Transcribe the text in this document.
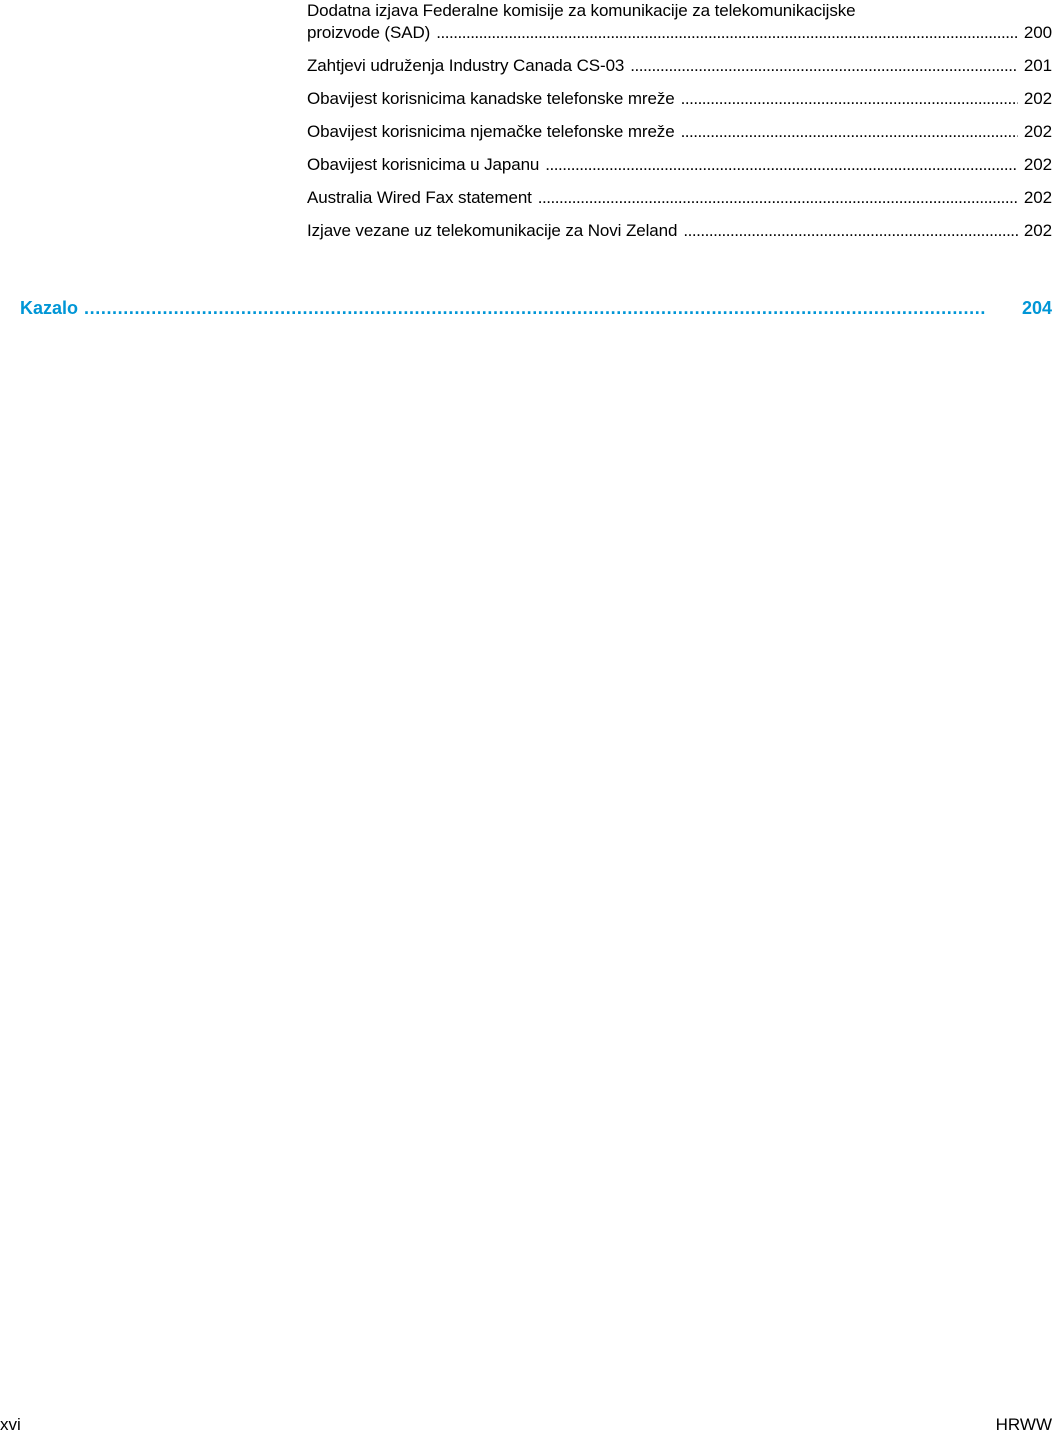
Dodatna izjava Federalne komisije za komunikacije za telekomunikacijske
proizvode (SAD) . . .	200
Zahtjevi udruženja Industry Canada CS-03 . . .	201
Obavijest korisnicima kanadske telefonske mreže . . .	202
Obavijest korisnicima njemačke telefonske mreže . . .	202
Obavijest korisnicima u Japanu . . .	202
Australia Wired Fax statement . . .	202
Izjave vezane uz telekomunikacije za Novi Zeland . . .	202
Kazalo . . .	204
xvi	HRWW
